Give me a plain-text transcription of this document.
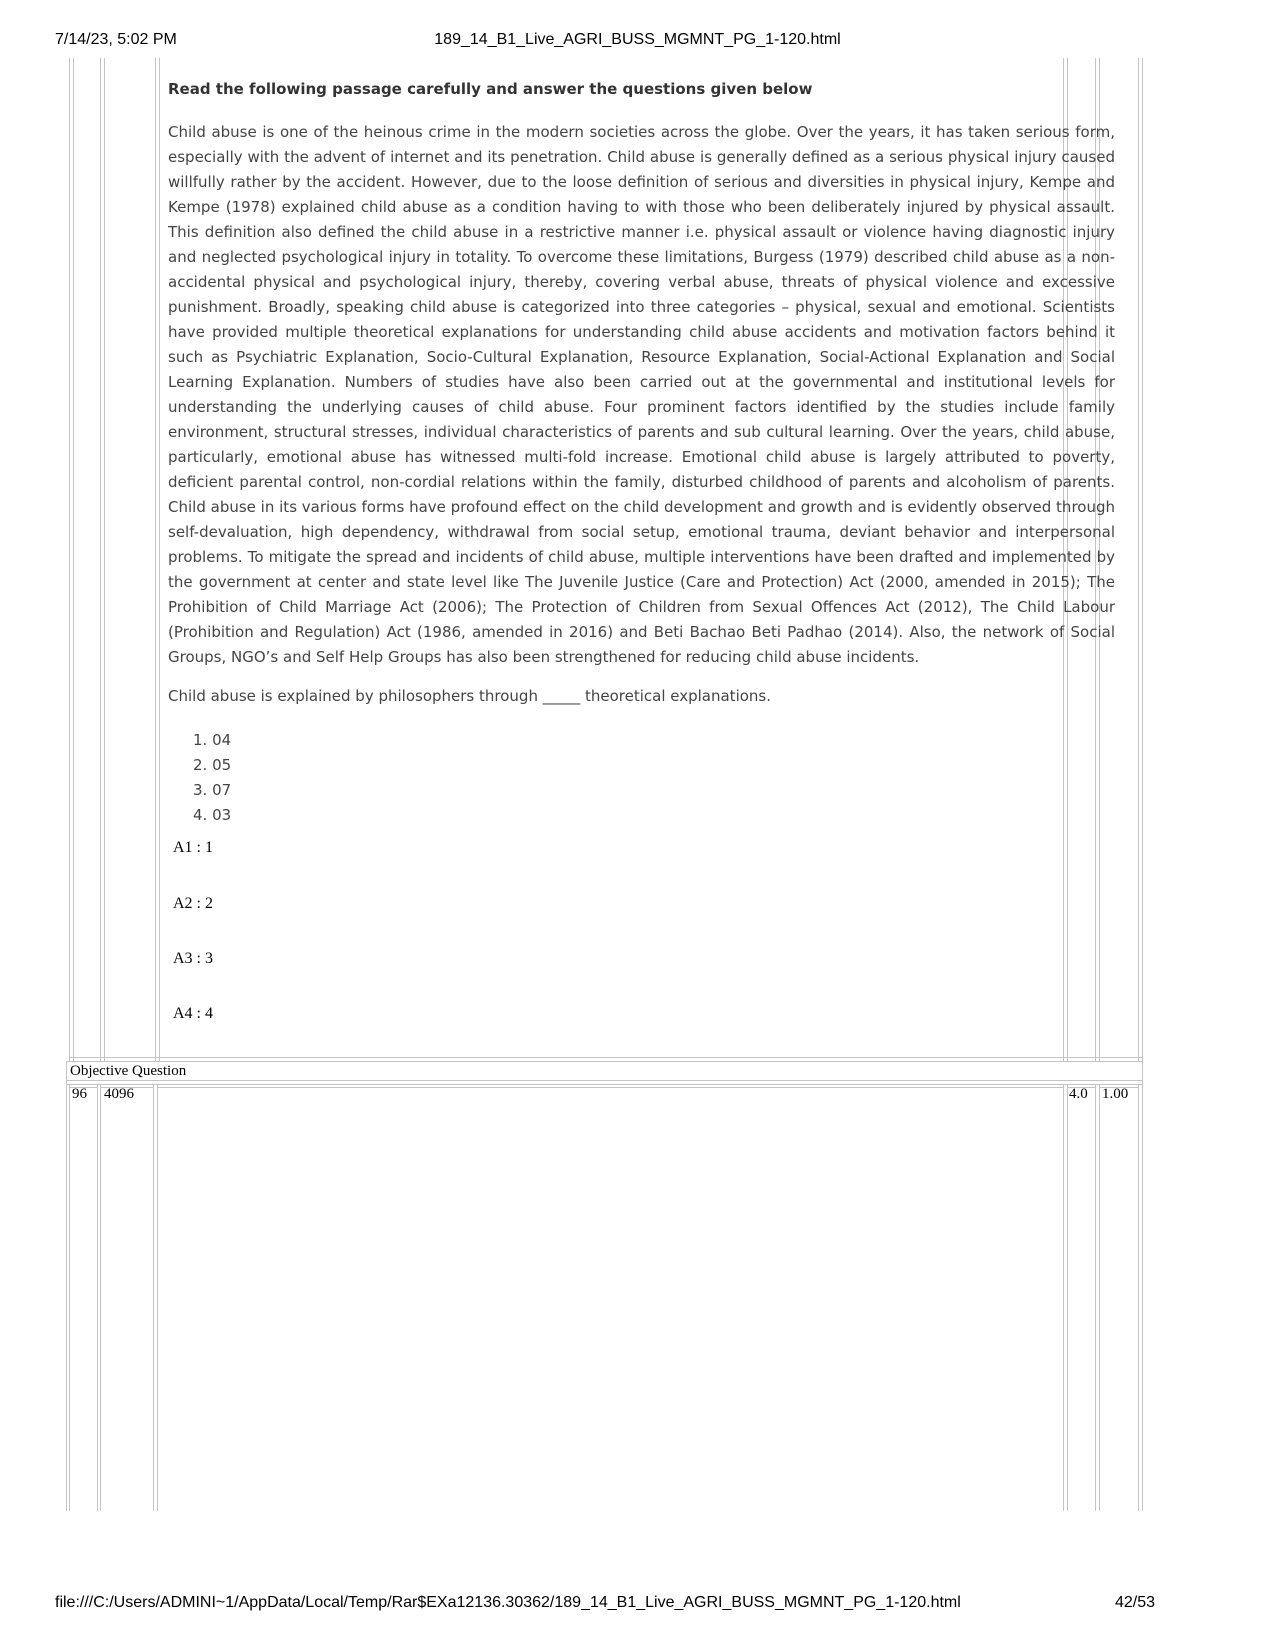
189_14_B1_Live_AGRI_BUSS_MGMNT_PG_1-120.html
7/14/23, 5:02 PM
Read the following passage carefully and answer the questions given below

Child abuse is one of the heinous crime in the modern societies across the globe. Over the years, it has taken serious form, especially with the advent of internet and its penetration. Child abuse is generally defined as a serious physical injury caused willfully rather by the accident. However, due to the loose definition of serious and diversities in physical injury, Kempe and Kempe (1978) explained child abuse as a condition having to with those who been deliberately injured by physical assault. This definition also defined the child abuse in a restrictive manner i.e. physical assault or violence having diagnostic injury and neglected psychological injury in totality. To overcome these limitations, Burgess (1979) described child abuse as a non-accidental physical and psychological injury, thereby, covering verbal abuse, threats of physical violence and excessive punishment. Broadly, speaking child abuse is categorized into three categories – physical, sexual and emotional. Scientists have provided multiple theoretical explanations for understanding child abuse accidents and motivation factors behind it such as Psychiatric Explanation, Socio-Cultural Explanation, Resource Explanation, Social-Actional Explanation and Social Learning Explanation. Numbers of studies have also been carried out at the governmental and institutional levels for understanding the underlying causes of child abuse. Four prominent factors identified by the studies include family environment, structural stresses, individual characteristics of parents and sub cultural learning. Over the years, child abuse, particularly, emotional abuse has witnessed multi-fold increase. Emotional child abuse is largely attributed to poverty, deficient parental control, non-cordial relations within the family, disturbed childhood of parents and alcoholism of parents. Child abuse in its various forms have profound effect on the child development and growth and is evidently observed through self-devaluation, high dependency, withdrawal from social setup, emotional trauma, deviant behavior and interpersonal problems. To mitigate the spread and incidents of child abuse, multiple interventions have been drafted and implemented by the government at center and state level like The Juvenile Justice (Care and Protection) Act (2000, amended in 2015); The Prohibition of Child Marriage Act (2006); The Protection of Children from Sexual Offences Act (2012), The Child Labour (Prohibition and Regulation) Act (1986, amended in 2016) and Beti Bachao Beti Padhao (2014). Also, the network of Social Groups, NGO’s and Self Help Groups has also been strengthened for reducing child abuse incidents.

Child abuse is explained by philosophers through _____ theoretical explanations.
1. 04
2. 05
3. 07
4. 03
A1 : 1
A2 : 2
A3 : 3
A4 : 4
Objective Question
96 4096	4.0 1.00
file:///C:/Users/ADMINI~1/AppData/Local/Temp/Rar$EXa12136.30362/189_14_B1_Live_AGRI_BUSS_MGMNT_PG_1-120.html	42/53
